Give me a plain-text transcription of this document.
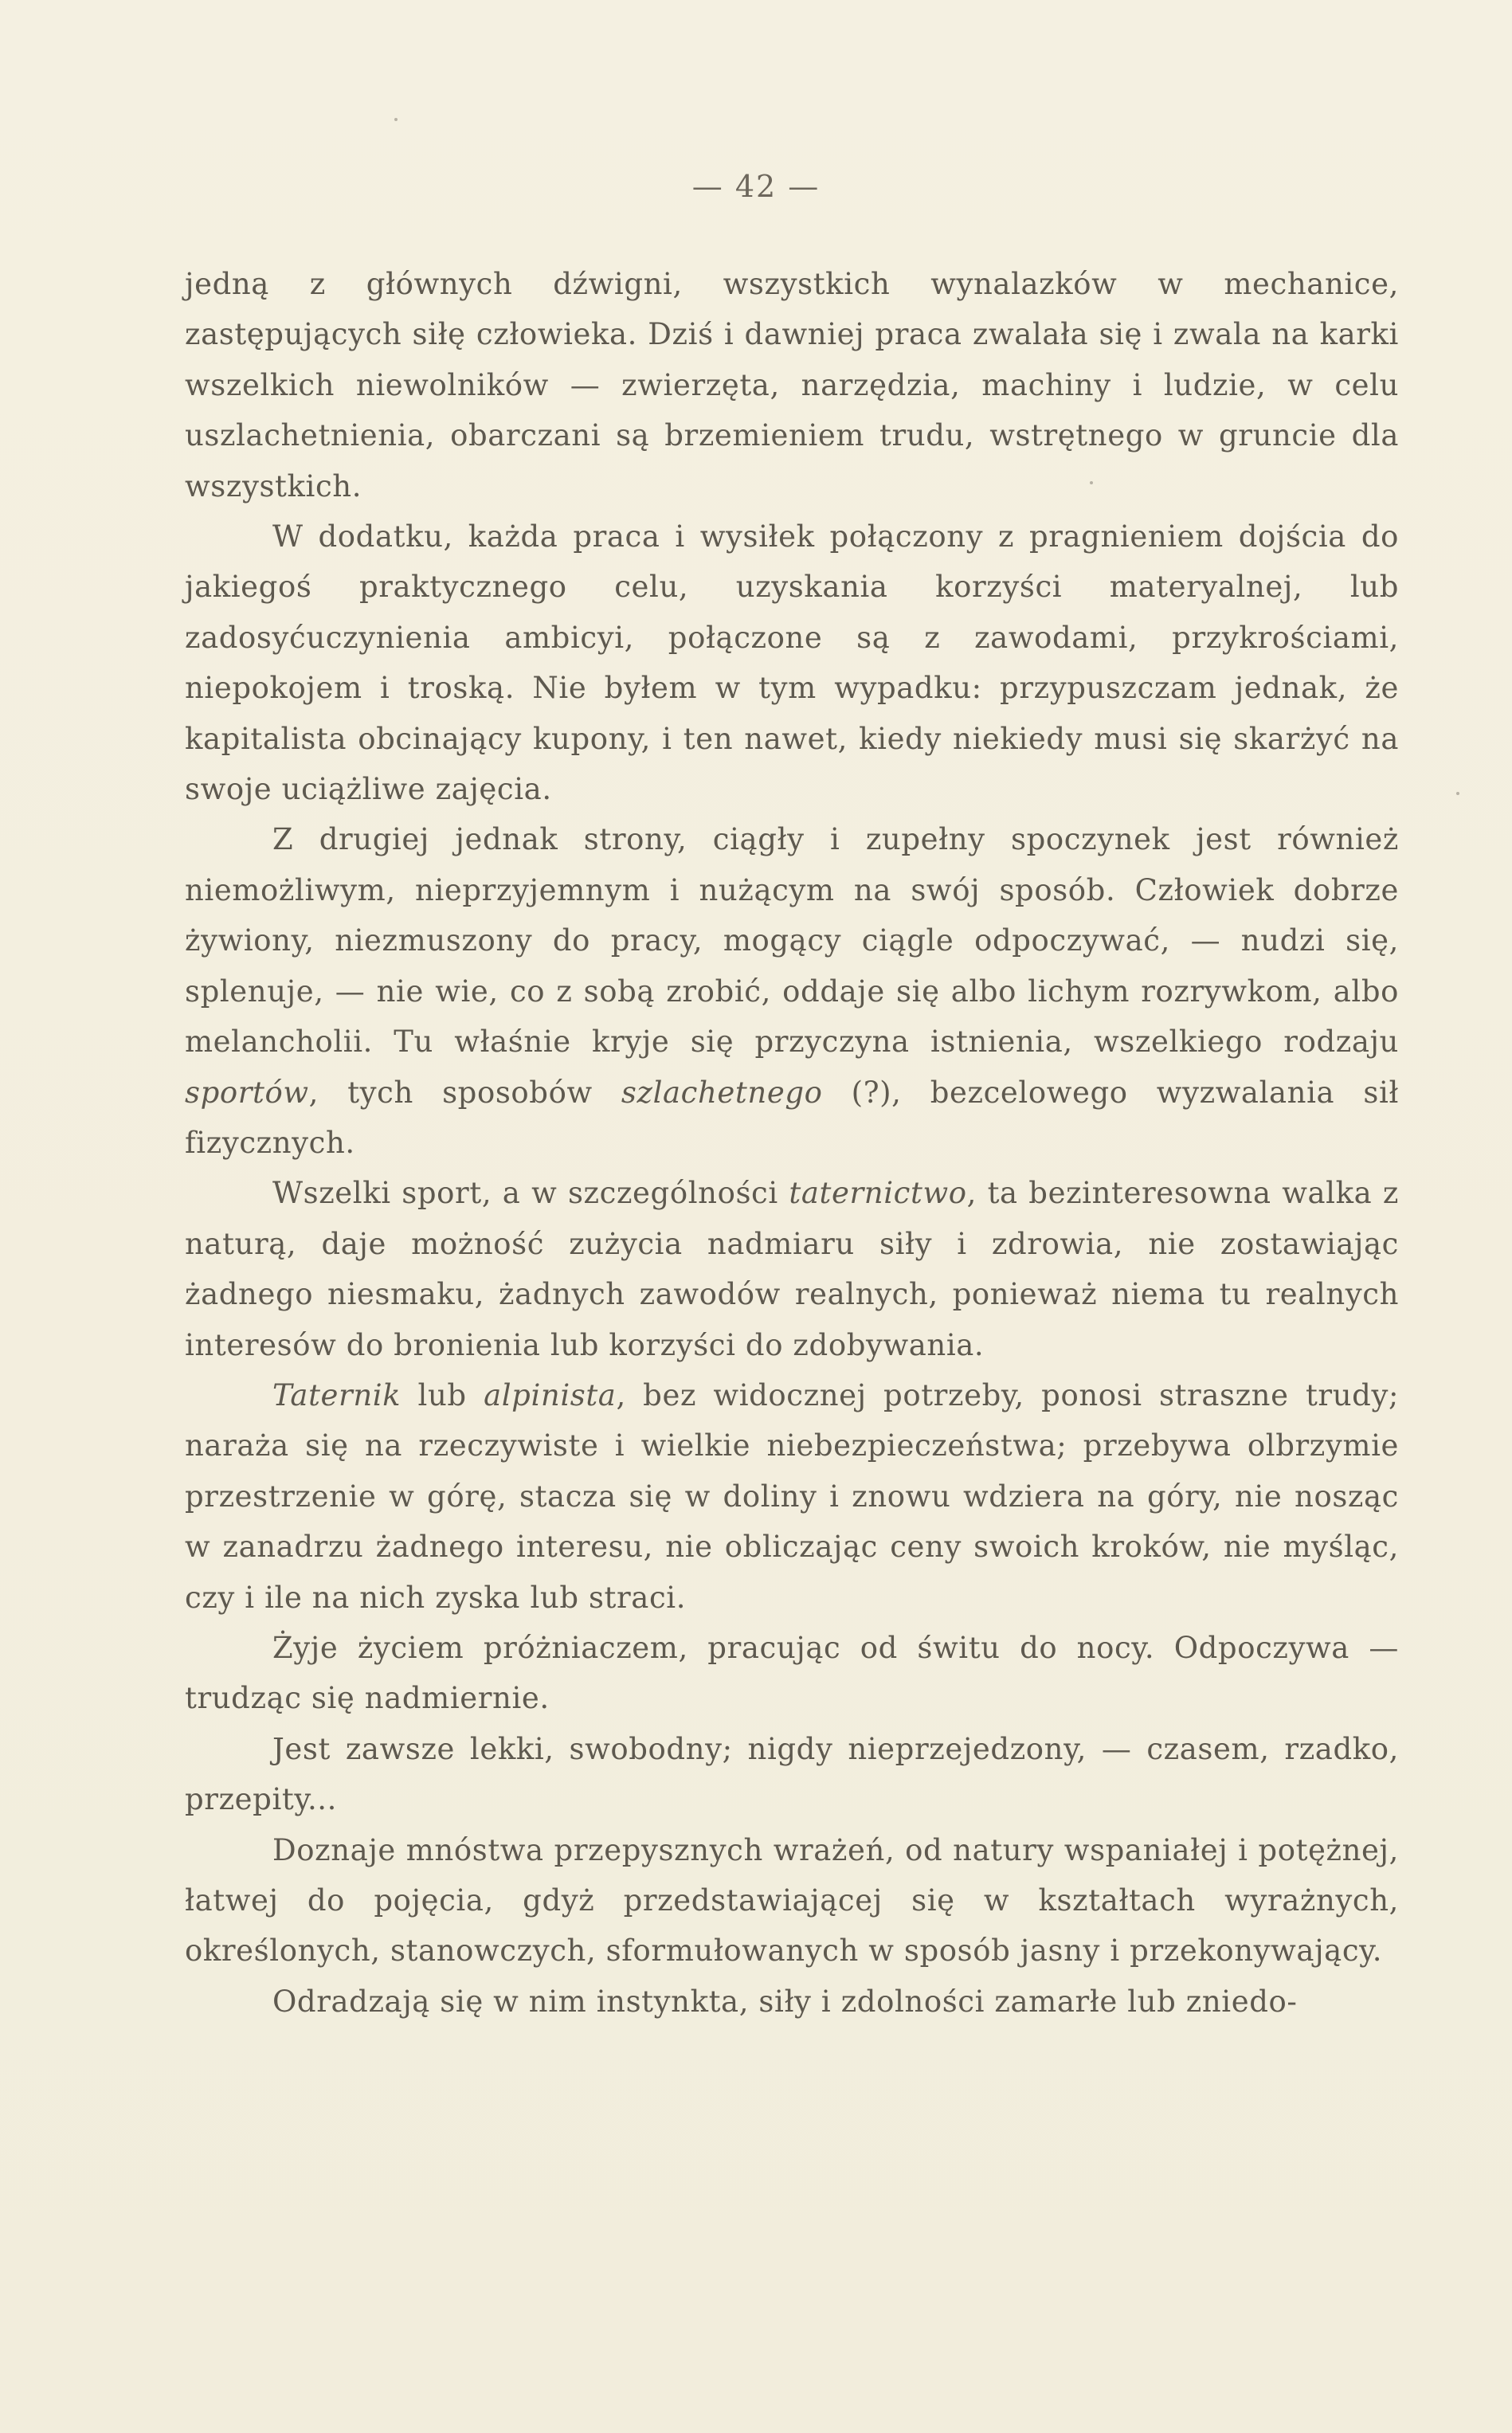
— 42 —

jedną z głównych dźwigni, wszystkich wynalazków w mechanice, zastępujących siłę człowieka. Dziś i dawniej praca zwalała się i zwala na karki wszelkich niewolników — zwierzęta, narzędzia, machiny i ludzie, w celu uszlachetnienia, obarczani są brzemieniem trudu, wstrętnego w gruncie dla wszystkich.

W dodatku, każda praca i wysiłek połączony z pragnieniem dojścia do jakiegoś praktycznego celu, uzyskania korzyści materyalnej, lub zadosyćuczynienia ambicyi, połączone są z zawodami, przykrościami, niepokojem i troską. Nie byłem w tym wypadku: przypuszczam jednak, że kapitalista obcinający kupony, i ten nawet, kiedy niekiedy musi się skarżyć na swoje uciążliwe zajęcia.

Z drugiej jednak strony, ciągły i zupełny spoczynek jest również niemożliwym, nieprzyjemnym i nużącym na swój sposób. Człowiek dobrze żywiony, niezmuszony do pracy, mogący ciągle odpoczywać, — nudzi się, splenuje, — nie wie, co z sobą zrobić, oddaje się albo lichym rozrywkom, albo melancholii. Tu właśnie kryje się przyczyna istnienia, wszelkiego rodzaju sportów, tych sposobów szlachetnego (?), bezcelowego wyzwalania sił fizycznych.

Wszelki sport, a w szczególności taternictwo, ta bezinteresowna walka z naturą, daje możność zużycia nadmiaru siły i zdrowia, nie zostawiając żadnego niesmaku, żadnych zawodów realnych, ponieważ niema tu realnych interesów do bronienia lub korzyści do zdobywania.

Taternik lub alpinista, bez widocznej potrzeby, ponosi straszne trudy; naraża się na rzeczywiste i wielkie niebezpieczeństwa; przebywa olbrzymie przestrzenie w górę, stacza się w doliny i znowu wdziera na góry, nie nosząc w zanadrzu żadnego interesu, nie obliczając ceny swoich kroków, nie myśląc, czy i ile na nich zyska lub straci.

Żyje życiem próżniaczem, pracując od świtu do nocy. Odpoczywa — trudząc się nadmiernie.

Jest zawsze lekki, swobodny; nigdy nieprzejedzony, — czasem, rzadko, przepity...

Doznaje mnóstwa przepysznych wrażeń, od natury wspaniałej i potężnej, łatwej do pojęcia, gdyż przedstawiającej się w kształtach wyrażnych, określonych, stanowczych, sformułowanych w sposób jasny i przekonywający.

Odradzają się w nim instynkta, siły i zdolności zamarłe lub zniedo-
